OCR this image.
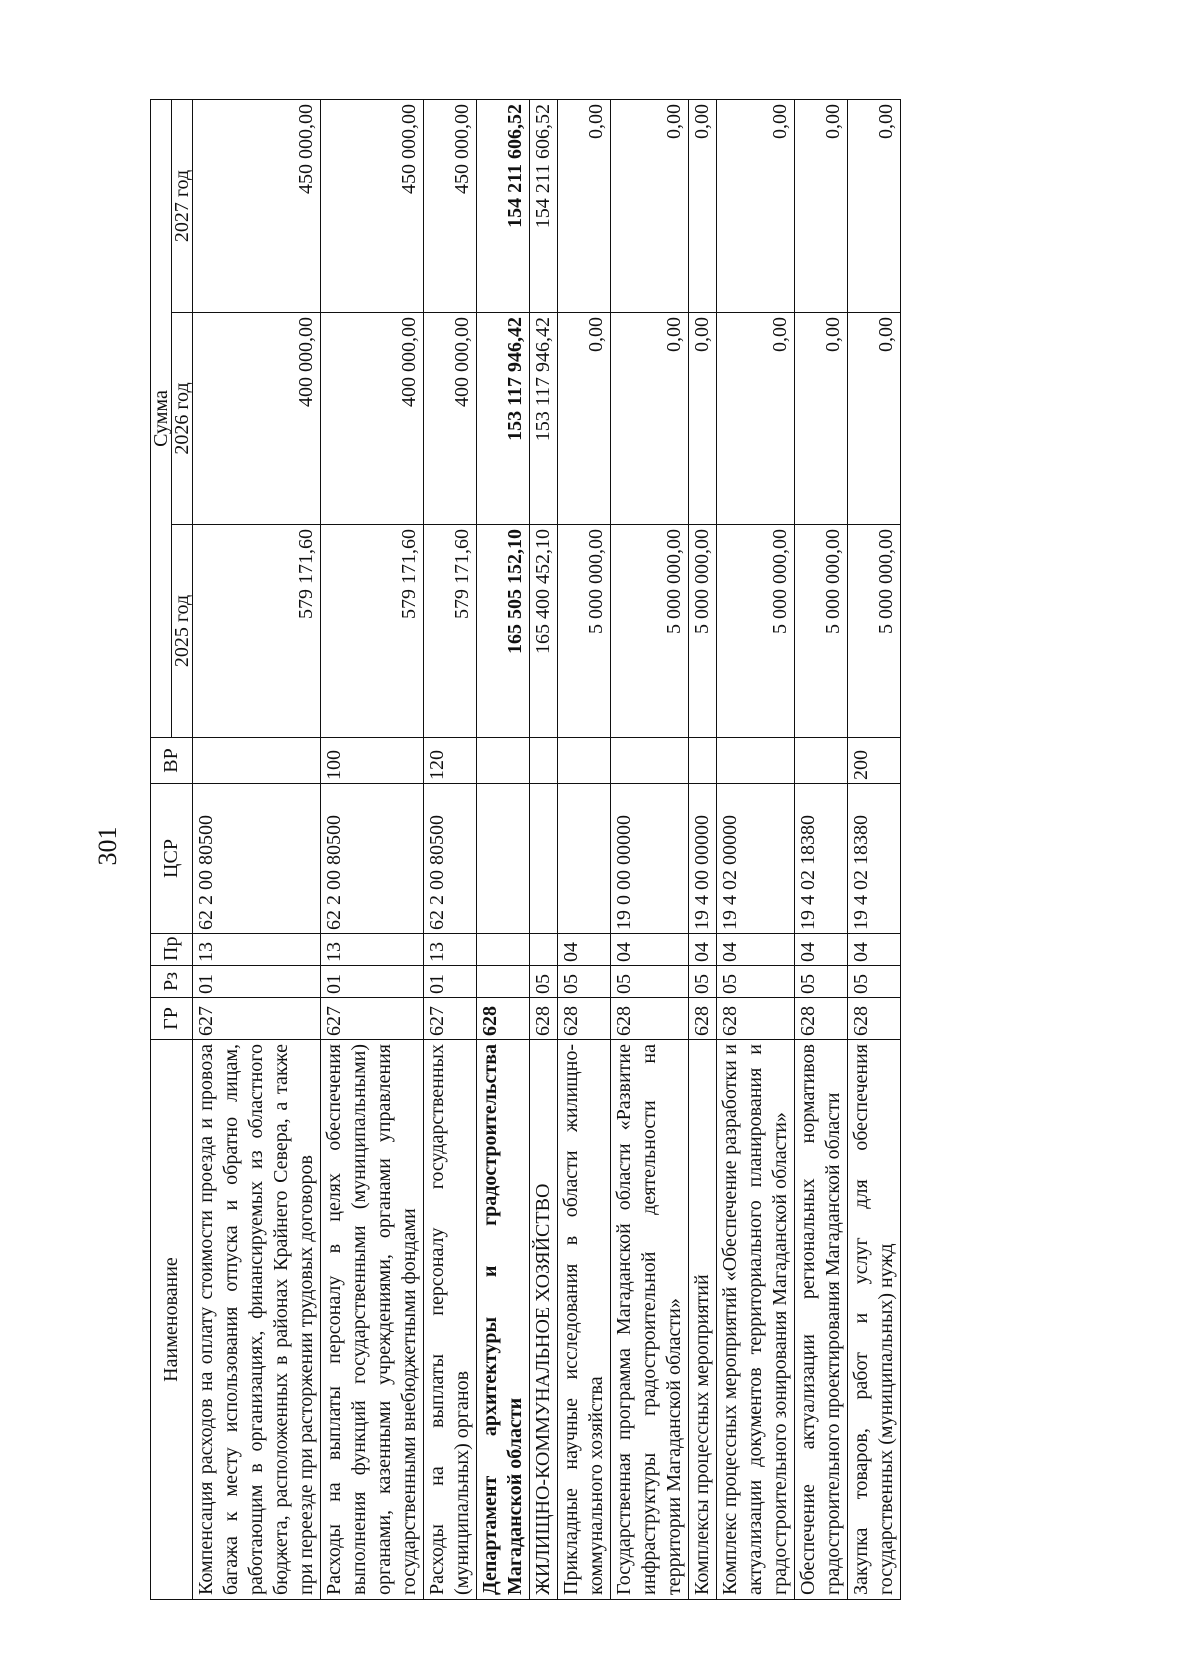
301
Наименование	ГР	Рз	Пр	ЦСР	ВР	Сумма		
						2025 год	2026 год	2027 год
Компенсация расходов на оплату стоимости проезда и провоза багажа к месту использования отпуска и обратно лицам, работающим в организациях, финансируемых из областного бюджета, расположенных в районах Крайнего Севера, а также при переезде при расторжении трудовых договоров	627	01	13	62 2 00 80500		579 171,60	400 000,00	450 000,00
Расходы на выплаты персоналу в целях обеспечения выполнения функций государственными (муниципальными) органами, казенными учреждениями, органами управления государственными внебюджетными фондами	627	01	13	62 2 00 80500	100	579 171,60	400 000,00	450 000,00
Расходы на выплаты персоналу государственных (муниципальных) органов	627	01	13	62 2 00 80500	120	579 171,60	400 000,00	450 000,00
Департамент архитектуры и градостроительства Магаданской области	628					165 505 152,10	153 117 946,42	154 211 606,52
ЖИЛИЩНО-КОММУНАЛЬНОЕ ХОЗЯЙСТВО	628	05				165 400 452,10	153 117 946,42	154 211 606,52
Прикладные научные исследования в области жилищно-коммунального хозяйства	628	05	04			5 000 000,00	0,00	0,00
Государственная программа Магаданской области «Развитие инфраструктуры градостроительной деятельности на территории Магаданской области»	628	05	04	19 0 00 00000		5 000 000,00	0,00	0,00
Комплексы процессных мероприятий	628	05	04	19 4 00 00000		5 000 000,00	0,00	0,00
Комплекс процессных мероприятий «Обеспечение разработки и актуализации документов территориального планирования и градостроительного зонирования Магаданской области»	628	05	04	19 4 02 00000		5 000 000,00	0,00	0,00
Обеспечение актуализации региональных нормативов градостроительного проектирования Магаданской области	628	05	04	19 4 02 18380		5 000 000,00	0,00	0,00
Закупка товаров, работ и услуг для обеспечения государственных (муниципальных) нужд	628	05	04	19 4 02 18380	200	5 000 000,00	0,00	0,00
